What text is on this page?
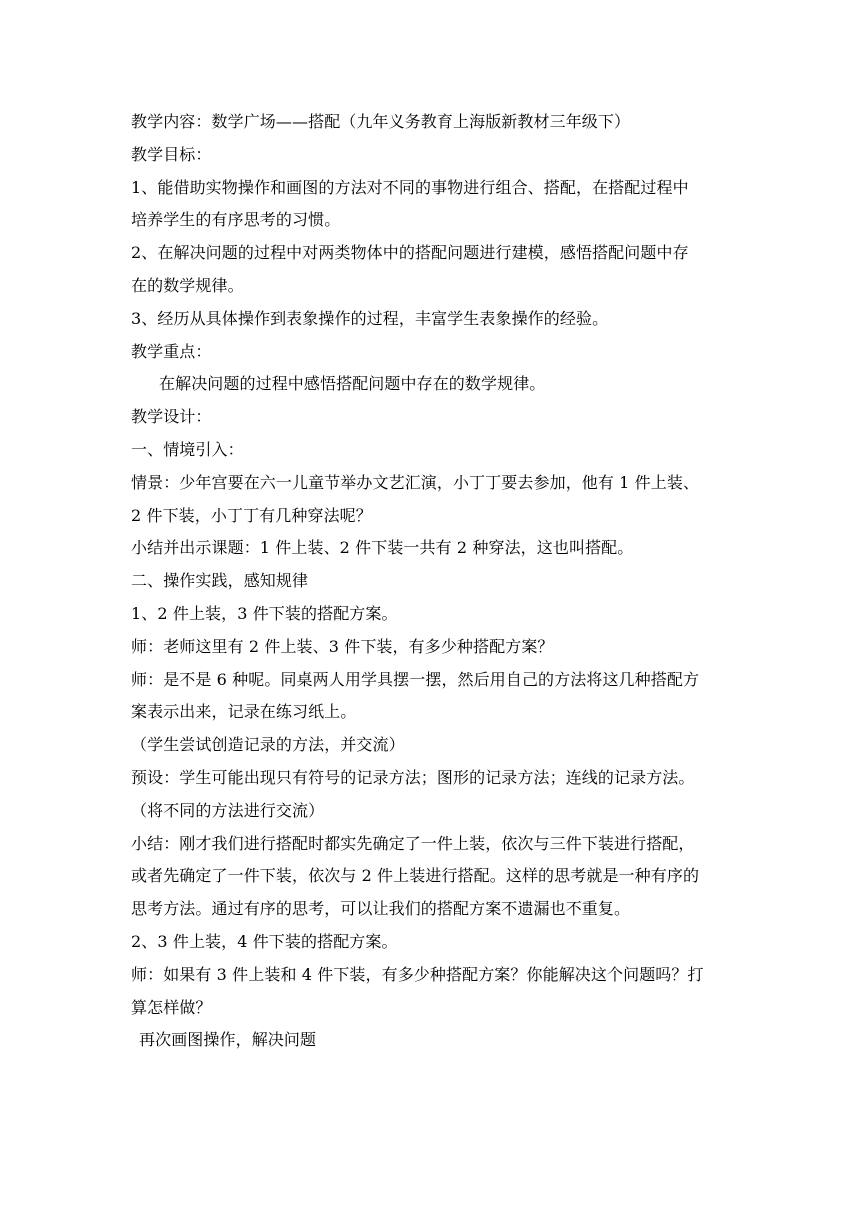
教学内容：数学广场——搭配（九年义务教育上海版新教材三年级下）
教学目标：
1、能借助实物操作和画图的方法对不同的事物进行组合、搭配，在搭配过程中
培养学生的有序思考的习惯。
2、在解决问题的过程中对两类物体中的搭配问题进行建模，感悟搭配问题中存
在的数学规律。
3、经历从具体操作到表象操作的过程，丰富学生表象操作的经验。
教学重点：
在解决问题的过程中感悟搭配问题中存在的数学规律。
教学设计：
一、情境引入：
情景：少年宫要在六一儿童节举办文艺汇演，小丁丁要去参加，他有 1 件上装、
2 件下装，小丁丁有几种穿法呢？
小结并出示课题：1 件上装、2 件下装一共有 2 种穿法，这也叫搭配。
二、操作实践，感知规律
1、2 件上装，3 件下装的搭配方案。
师：老师这里有 2 件上装、3 件下装，有多少种搭配方案？
师：是不是 6 种呢。同桌两人用学具摆一摆，然后用自己的方法将这几种搭配方
案表示出来，记录在练习纸上。
（学生尝试创造记录的方法，并交流）
预设：学生可能出现只有符号的记录方法；图形的记录方法；连线的记录方法。
（将不同的方法进行交流）
小结：刚才我们进行搭配时都实先确定了一件上装，依次与三件下装进行搭配，
或者先确定了一件下装，依次与 2 件上装进行搭配。这样的思考就是一种有序的
思考方法。通过有序的思考，可以让我们的搭配方案不遗漏也不重复。
2、3 件上装，4 件下装的搭配方案。
师：如果有 3 件上装和 4 件下装，有多少种搭配方案？你能解决这个问题吗？打
算怎样做？
再次画图操作，解决问题
